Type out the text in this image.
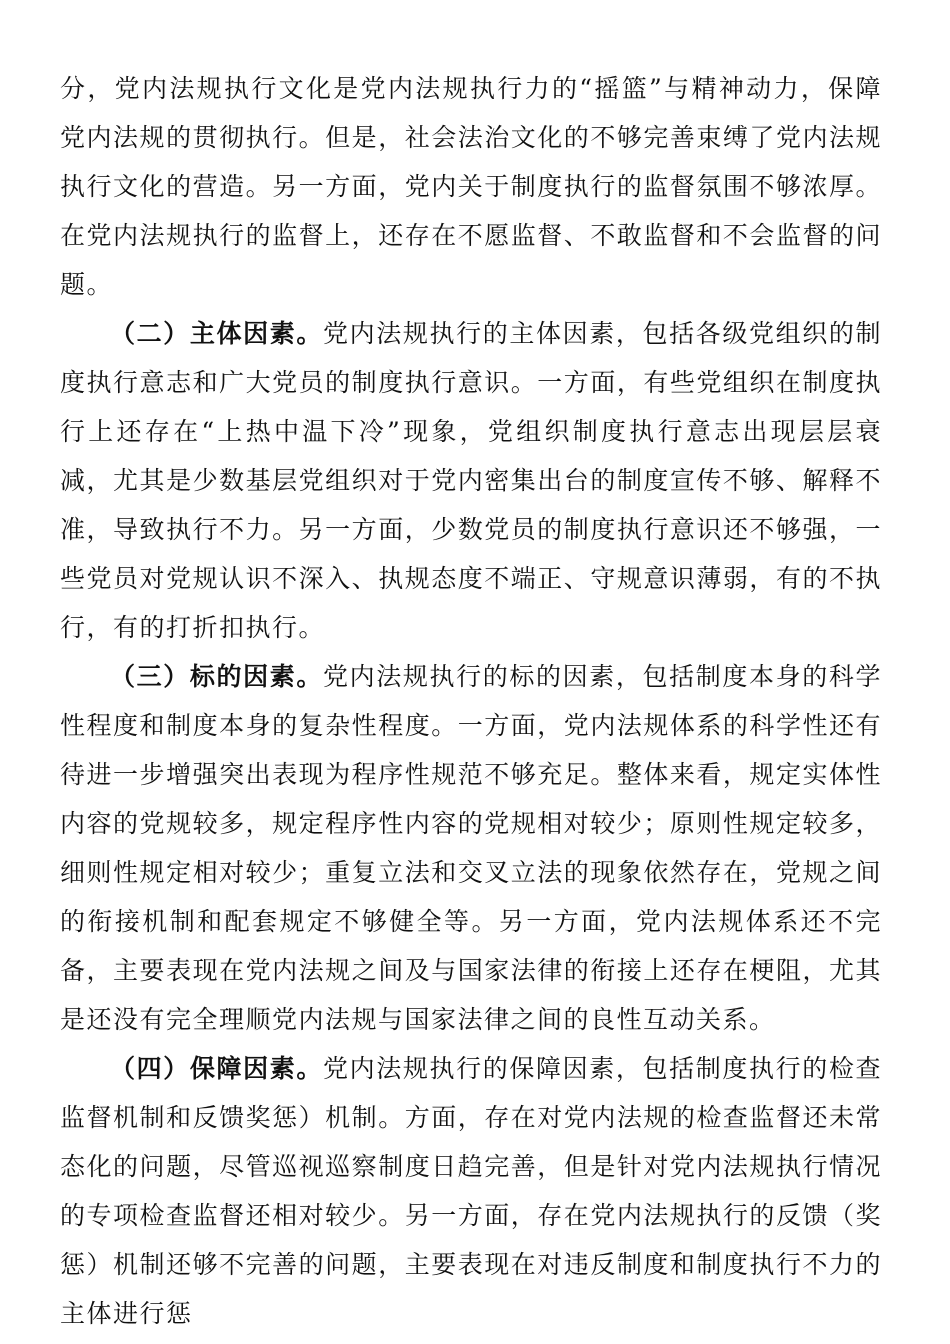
分，党内法规执行文化是党内法规执行力的“摇篮”与精神动力，保障党内法规的贯彻执行。但是，社会法治文化的不够完善束缚了党内法规执行文化的营造。另一方面，党内关于制度执行的监督氛围不够浓厚。在党内法规执行的监督上，还存在不愿监督、不敢监督和不会监督的问题。

（二）主体因素。党内法规执行的主体因素，包括各级党组织的制度执行意志和广大党员的制度执行意识。一方面，有些党组织在制度执行上还存在“上热中温下冷”现象，党组织制度执行意志出现层层衰减，尤其是少数基层党组织对于党内密集出台的制度宣传不够、解释不准，导致执行不力。另一方面，少数党员的制度执行意识还不够强，一些党员对党规认识不深入、执规态度不端正、守规意识薄弱，有的不执行，有的打折扣执行。

（三）标的因素。党内法规执行的标的因素，包括制度本身的科学性程度和制度本身的复杂性程度。一方面，党内法规体系的科学性还有待进一步增强突出表现为程序性规范不够充足。整体来看，规定实体性内容的党规较多，规定程序性内容的党规相对较少；原则性规定较多，细则性规定相对较少；重复立法和交叉立法的现象依然存在，党规之间的衔接机制和配套规定不够健全等。另一方面，党内法规体系还不完备，主要表现在党内法规之间及与国家法律的衔接上还存在梗阻，尤其是还没有完全理顺党内法规与国家法律之间的良性互动关系。

（四）保障因素。党内法规执行的保障因素，包括制度执行的检查监督机制和反馈奖惩）机制。方面，存在对党内法规的检查监督还未常态化的问题，尽管巡视巡察制度日趋完善，但是针对党内法规执行情况的专项检查监督还相对较少。另一方面，存在党内法规执行的反馈（奖惩）机制还够不完善的问题，主要表现在对违反制度和制度执行不力的主体进行惩
